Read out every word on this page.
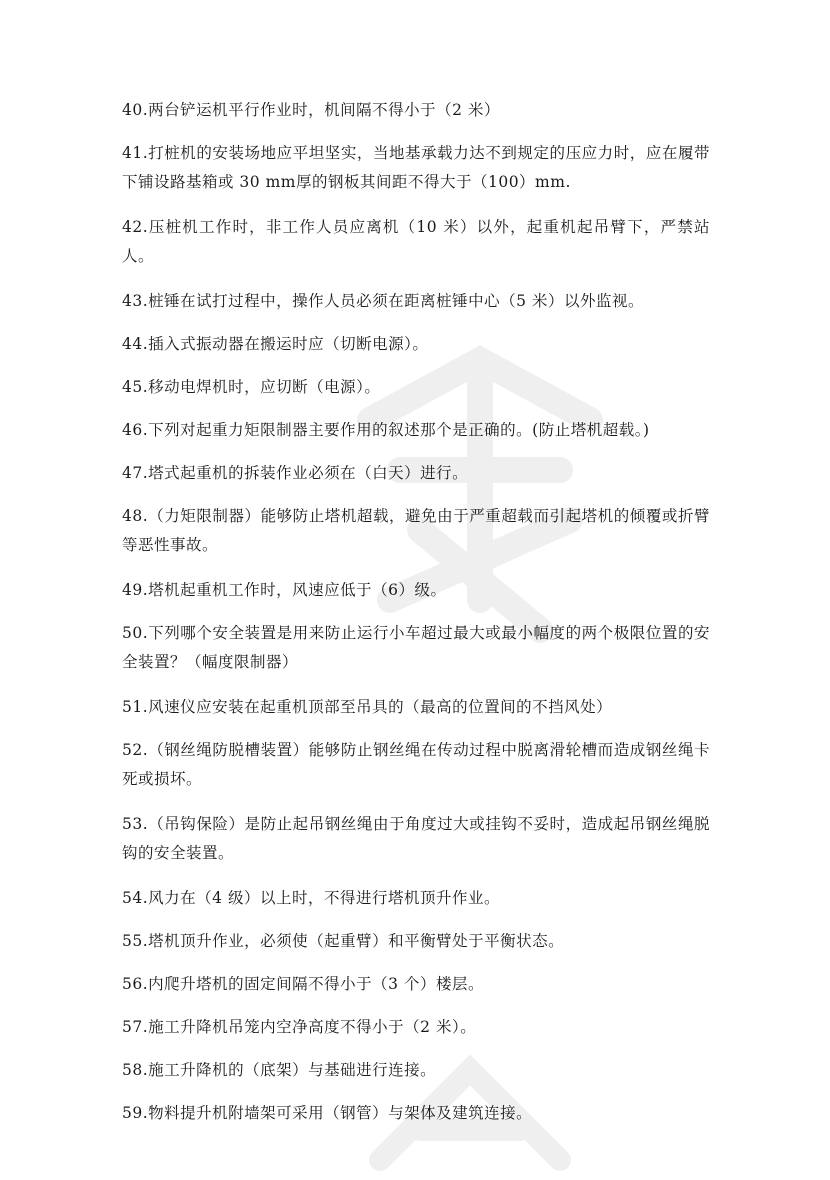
40.两台铲运机平行作业时，机间隔不得小于（2 米）

41.打桩机的安装场地应平坦坚实，当地基承载力达不到规定的压应力时，应在履带下铺设路基箱或 30 mm厚的钢板其间距不得大于（100）mm.

42.压桩机工作时，非工作人员应离机（10 米）以外，起重机起吊臂下，严禁站人。

43.桩锤在试打过程中，操作人员必须在距离桩锤中心（5 米）以外监视。

44.插入式振动器在搬运时应（切断电源）。

45.移动电焊机时，应切断（电源）。

46.下列对起重力矩限制器主要作用的叙述那个是正确的。(防止塔机超载。)

47.塔式起重机的拆装作业必须在（白天）进行。

48.（力矩限制器）能够防止塔机超载，避免由于严重超载而引起塔机的倾覆或折臂等恶性事故。

49.塔机起重机工作时，风速应低于（6）级。

50.下列哪个安全装置是用来防止运行小车超过最大或最小幅度的两个极限位置的安全装置？（幅度限制器）

51.风速仪应安装在起重机顶部至吊具的（最高的位置间的不挡风处）

52.（钢丝绳防脱槽装置）能够防止钢丝绳在传动过程中脱离滑轮槽而造成钢丝绳卡死或损坏。

53.（吊钩保险）是防止起吊钢丝绳由于角度过大或挂钩不妥时，造成起吊钢丝绳脱钩的安全装置。

54.风力在（4 级）以上时，不得进行塔机顶升作业。

55.塔机顶升作业，必须使（起重臂）和平衡臂处于平衡状态。

56.内爬升塔机的固定间隔不得小于（3 个）楼层。

57.施工升降机吊笼内空净高度不得小于（2 米）。

58.施工升降机的（底架）与基础进行连接。

59.物料提升机附墙架可采用（钢管）与架体及建筑连接。
